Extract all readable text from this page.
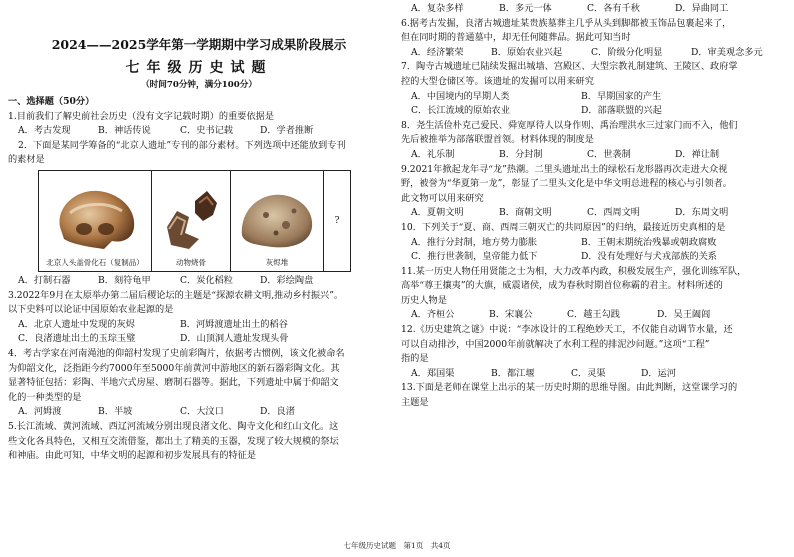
2024——2025学年第一学期期中学习成果阶段展示
七年级历史试题
（时间70分钟，满分100分）
一、选择题（50分）
1.目前我们了解史前社会历史（没有文字记载时期）的重要依据是
A．考古发现	B．神话传说	C．史书记载	D．学者推断
2．下面是某同学筹备的“北京人遗址”专刊的部分素材。下列选项中还能放到专刊
的素材是
北京人头盖骨化石（复制品）	动物烧骨	灰烬堆
	?
A．打制石器	B．刻符龟甲	C．炭化稻粒	D．彩绘陶盘
3.2022年9月在太原举办第二届后稷论坛的主题是“探源农耕文明,推动乡村振兴”。
以下史料可以论证中国原始农业起源的是
A．北京人遗址中发现的灰烬	B．河姆渡遗址出土的稻谷
C．良渚遗址出土的玉琮玉璧	D．山顶洞人遗址发现头骨
4．考古学家在河南渑池的仰韶村发现了史前彩陶片，依据考古惯例，该文化被命名
为仰韶文化，泛指距今约7000年至5000年前黄河中游地区的新石器彩陶文化。其
显著特征包括：彩陶、半地穴式房屋、磨制石器等。据此，下列遗址中属于仰韶文
化的一种类型的是
A．河姆渡	B．半坡	C．大汶口	D．良渚
5.长江流域、黄河流域、西辽河流域分别出现良渚文化、陶寺文化和红山文化。这
些文化各具特色，又相互交流借鉴，都出土了精美的玉器，发现了较大规模的祭坛
和神庙。由此可知，中华文明的起源和初步发展具有的特征是
A．复杂多样	B．多元一体	C．各有千秋	D．异曲同工
6.据考古发掘，良渚古城遗址某贵族墓葬主几乎从头到脚都被玉饰品包裹起来了，
但在同时期的普通墓中，却无任何随葬品。据此可知当时
A．经济繁荣	B．原始农业兴起	C．阶级分化明显	D．审美观念多元
7．陶寺古城遗址已陆续发掘出城墙、宫殿区、大型宗教礼制建筑、王陵区、政府掌
控的大型仓储区等。该遗址的发掘可以用来研究
A．中国境内的早期人类	B．早期国家的产生
C．长江流域的原始农业	D．部落联盟的兴起
8．尧生活俭朴克己爱民、舜宽厚待人以身作则、禹治理洪水三过家门而不入，他们
先后被推举为部落联盟首领。材料体现的制度是
A．礼乐制	B．分封制	C．世袭制	D．禅让制
9.2021年掀起龙年寻“龙”热潮。二里头遗址出土的绿松石龙形器再次走进大众视
野，被誉为“华夏第一龙”，彰显了二里头文化是中华文明总进程的核心与引领者。
此文物可以用来研究
A．夏朝文明	B．商朝文明	C．西周文明	D．东周文明
10．下列关于“夏、商、西周三朝灭亡的共同原因”的归纳，最接近历史真相的是
A．推行分封制，地方势力膨胀	B．王朝末期统治残暴或朝政腐败
C．推行世袭制，皇帝能力低下	D．没有处理好与犬戎部族的关系
11.某一历史人物任用贤能之士为相，大力改革内政，积极发展生产，强化训练军队，
高举“尊王攘夷”的大旗，威震诸侯，成为春秋时期首位称霸的君主。材料所述的
历史人物是
A．齐桓公	B．宋襄公	C．越王勾践	D．吴王阖闾
12.《历史建筑之谜》中说：“李冰设计的工程绝妙天工，不仅能自动调节水量，还
可以自动排沙，中国2000年前就解决了水利工程的排泥沙问题。”这项“工程”
指的是
A．郑国渠	B．都江堰	C．灵渠	D．运河
13.下面是老师在课堂上出示的某一历史时期的思维导图。由此判断，这堂课学习的
主题是
七年级历史试题　第1页　共4页
